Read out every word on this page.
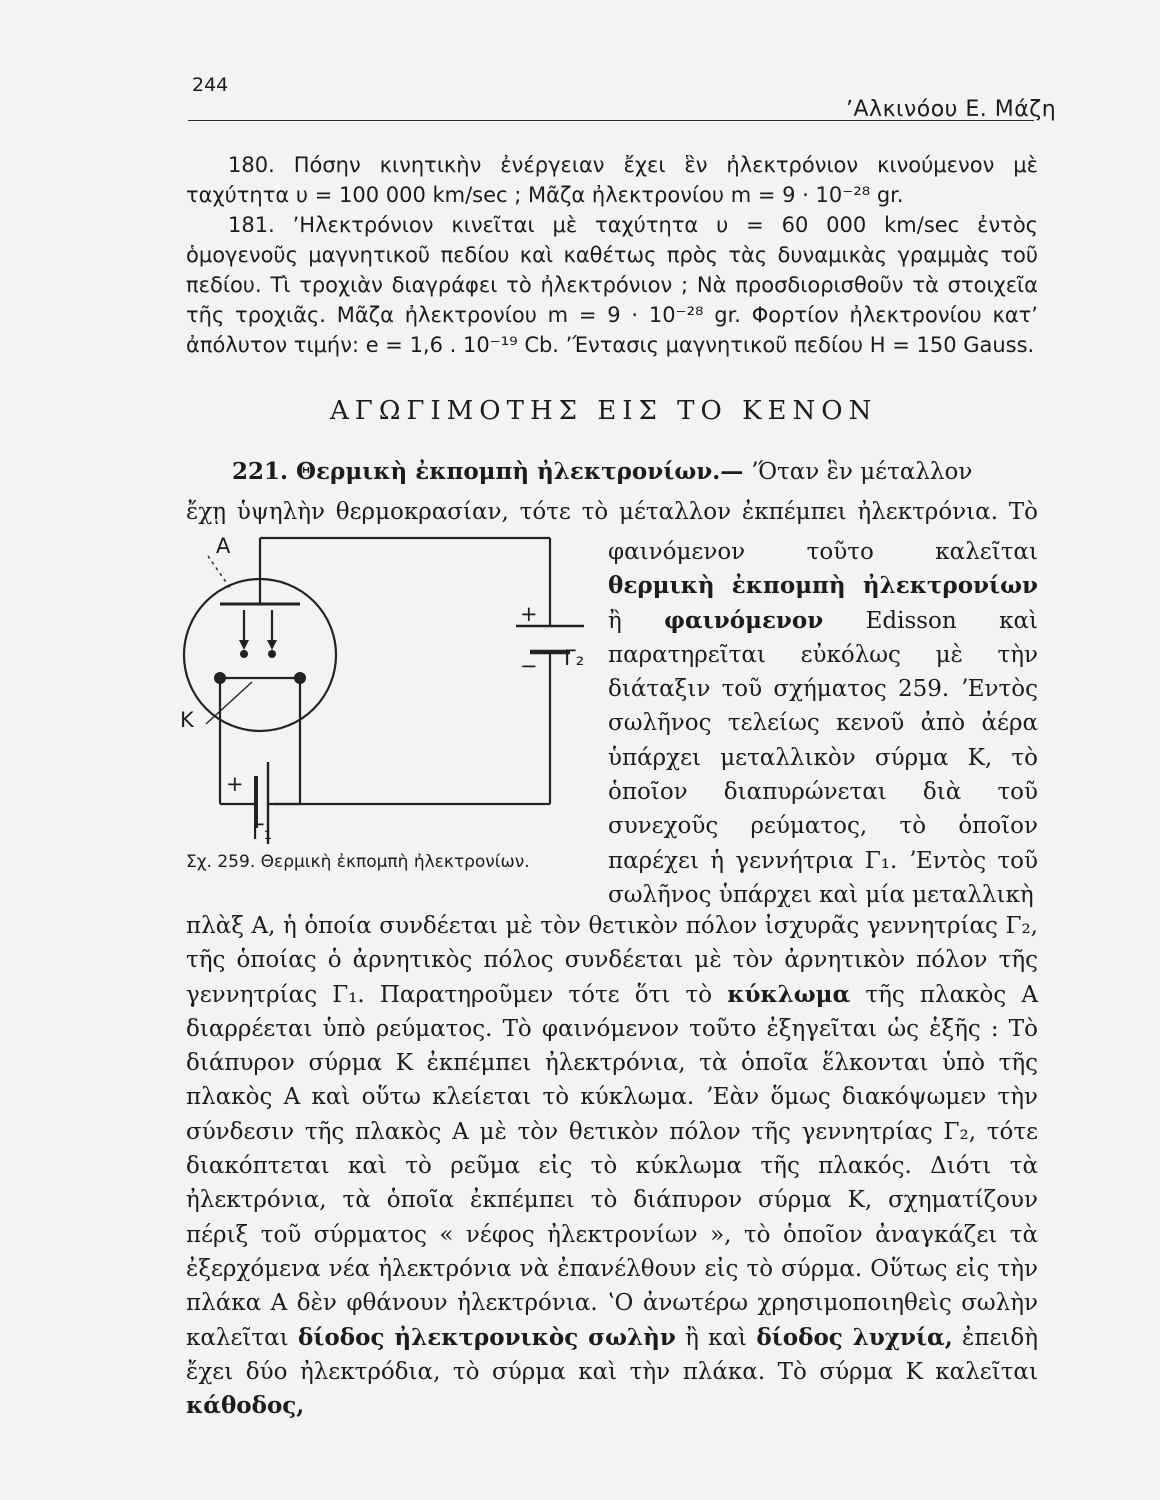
244
ʼΑλκινόου Ε. Μάζη

180. Πόσην κινητικὴν ἐνέργειαν ἔχει ἓν ἠλεκτρόνιον κινούμενον μὲ ταχύτητα υ = 100 000 km/sec ; Μᾶζα ἠλεκτρονίου m = 9 · 10⁻²⁸ gr.

181. ʼΗλεκτρόνιον κινεῖται μὲ ταχύτητα υ = 60 000 km/sec ἐντὸς ὁμογενοῦς μαγνητικοῦ πεδίου καὶ καθέτως πρὸς τὰς δυναμικὰς γραμμὰς τοῦ πεδίου. Τὶ τροχιὰν διαγράφει τὸ ἠλεκτρόνιον ; Νὰ προσδιορισθοῦν τὰ στοιχεῖα τῆς τροχιᾶς. Μᾶζα ἠλεκτρονίου m = 9 · 10⁻²⁸ gr. Φορτίον ἠλεκτρονίου κατʼ ἀπόλυτον τιμήν: e = 1,6 . 10⁻¹⁹ Cb. ʼΈντασις μαγνητικοῦ πεδίου H = 150 Gauss.

ΑΓΩΓΙΜΟΤΗΣ ΕΙΣ ΤΟ ΚΕΝΟΝ
221. Θερμικὴ ἐκπομπὴ ἠλεκτρονίων.— ʼΌταν ἓν μέταλλον
ἔχῃ ὑψηλὴν θερμοκρασίαν, τότε τὸ μέταλλον ἐκπέμπει ἠλεκτρόνια. Τὸ
A
K
+
− Γ₂
+
Γ₁
Σχ. 259. Θερμικὴ ἐκπομπὴ ἠλεκτρονίων.
φαινόμενον τοῦτο καλεῖται θερμικὴ ἐκπομπὴ ἠλεκτρονίων ἢ φαινόμενον Edisson καὶ παρατηρεῖται εὐκόλως μὲ τὴν διάταξιν τοῦ σχήματος 259. ʼΕντὸς σωλῆνος τελείως κενοῦ ἀπὸ ἀέρα ὑπάρχει μεταλλικὸν σύρμα K, τὸ ὁποῖον διαπυρώνεται διὰ τοῦ συνεχοῦς ρεύματος, τὸ ὁποῖον παρέχει ἡ γεννήτρια Γ₁. ʼΕντὸς τοῦ σωλῆνος ὑπάρχει καὶ μία μεταλλικὴ
πλὰξ A, ἡ ὁποία συνδέεται μὲ τὸν θετικὸν πόλον ἰσχυρᾶς γεννητρίας Γ₂, τῆς ὁποίας ὁ ἀρνητικὸς πόλος συνδέεται μὲ τὸν ἀρνητικὸν πόλον τῆς γεννητρίας Γ₁. Παρατηροῦμεν τότε ὅτι τὸ κύκλωμα τῆς πλακὸς A διαρρέεται ὑπὸ ρεύματος. Τὸ φαινόμενον τοῦτο ἐξηγεῖται ὡς ἑξῆς : Τὸ διάπυρον σύρμα K ἐκπέμπει ἠλεκτρόνια, τὰ ὁποῖα ἕλκονται ὑπὸ τῆς πλακὸς A καὶ οὕτω κλείεται τὸ κύκλωμα. ʼΕὰν ὅμως διακόψωμεν τὴν σύνδεσιν τῆς πλακὸς A μὲ τὸν θετικὸν πόλον τῆς γεννητρίας Γ₂, τότε διακόπτεται καὶ τὸ ρεῦμα εἰς τὸ κύκλωμα τῆς πλακός. Διότι τὰ ἠλεκτρόνια, τὰ ὁποῖα ἐκπέμπει τὸ διάπυρον σύρμα K, σχηματίζουν πέριξ τοῦ σύρματος « νέφος ἠλεκτρονίων », τὸ ὁποῖον ἀναγκάζει τὰ ἐξερχόμενα νέα ἠλεκτρόνια νὰ ἐπανέλθουν εἰς τὸ σύρμα. Οὕτως εἰς τὴν πλάκα A δὲν φθάνουν ἠλεκτρόνια. ʽΟ ἀνωτέρω χρησιμοποιηθεὶς σωλὴν καλεῖται δίοδος ἠλεκτρονικὸς σωλὴν ἢ καὶ δίοδος λυχνία, ἐπειδὴ ἔχει δύο ἠλεκτρόδια, τὸ σύρμα καὶ τὴν πλάκα. Τὸ σύρμα K καλεῖται κάθοδος,
